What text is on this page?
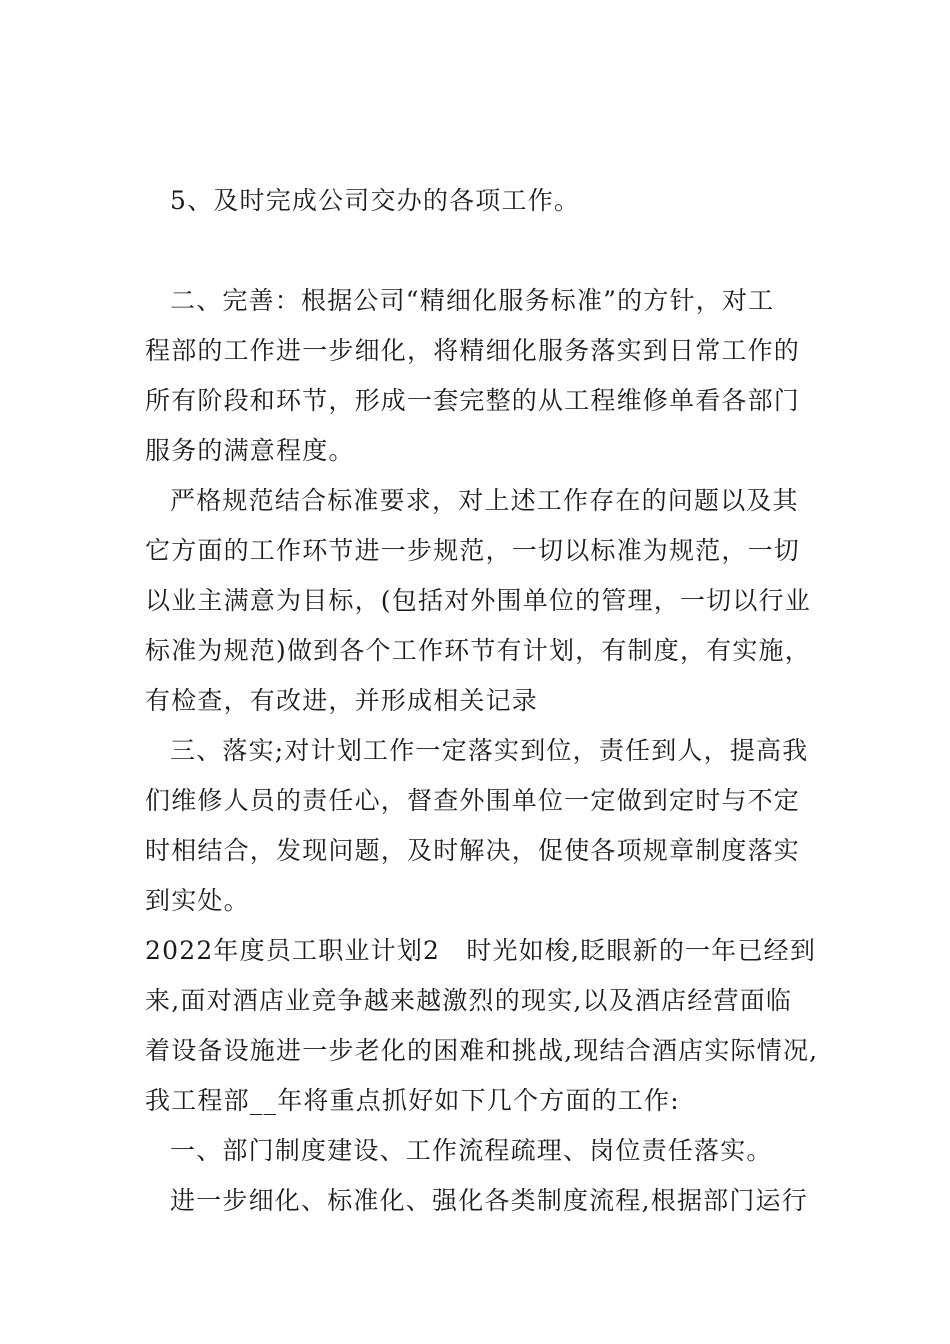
5、及时完成公司交办的各项工作。
二、完善：根据公司“精细化服务标准”的方针，对工
程部的工作进一步细化，将精细化服务落实到日常工作的
所有阶段和环节，形成一套完整的从工程维修单看各部门
服务的满意程度。
严格规范结合标准要求，对上述工作存在的问题以及其
它方面的工作环节进一步规范，一切以标准为规范，一切
以业主满意为目标，(包括对外围单位的管理，一切以行业
标准为规范)做到各个工作环节有计划，有制度，有实施，
有检查，有改进，并形成相关记录
三、落实;对计划工作一定落实到位，责任到人，提高我
们维修人员的责任心，督查外围单位一定做到定时与不定
时相结合，发现问题，及时解决，促使各项规章制度落实
到实处。
2022年度员工职业计划2　时光如梭,眨眼新的一年已经到
来,面对酒店业竞争越来越激烈的现实,以及酒店经营面临
着设备设施进一步老化的困难和挑战,现结合酒店实际情况,
我工程部__年将重点抓好如下几个方面的工作:
一、部门制度建设、工作流程疏理、岗位责任落实。
进一步细化、标准化、强化各类制度流程,根据部门运行
